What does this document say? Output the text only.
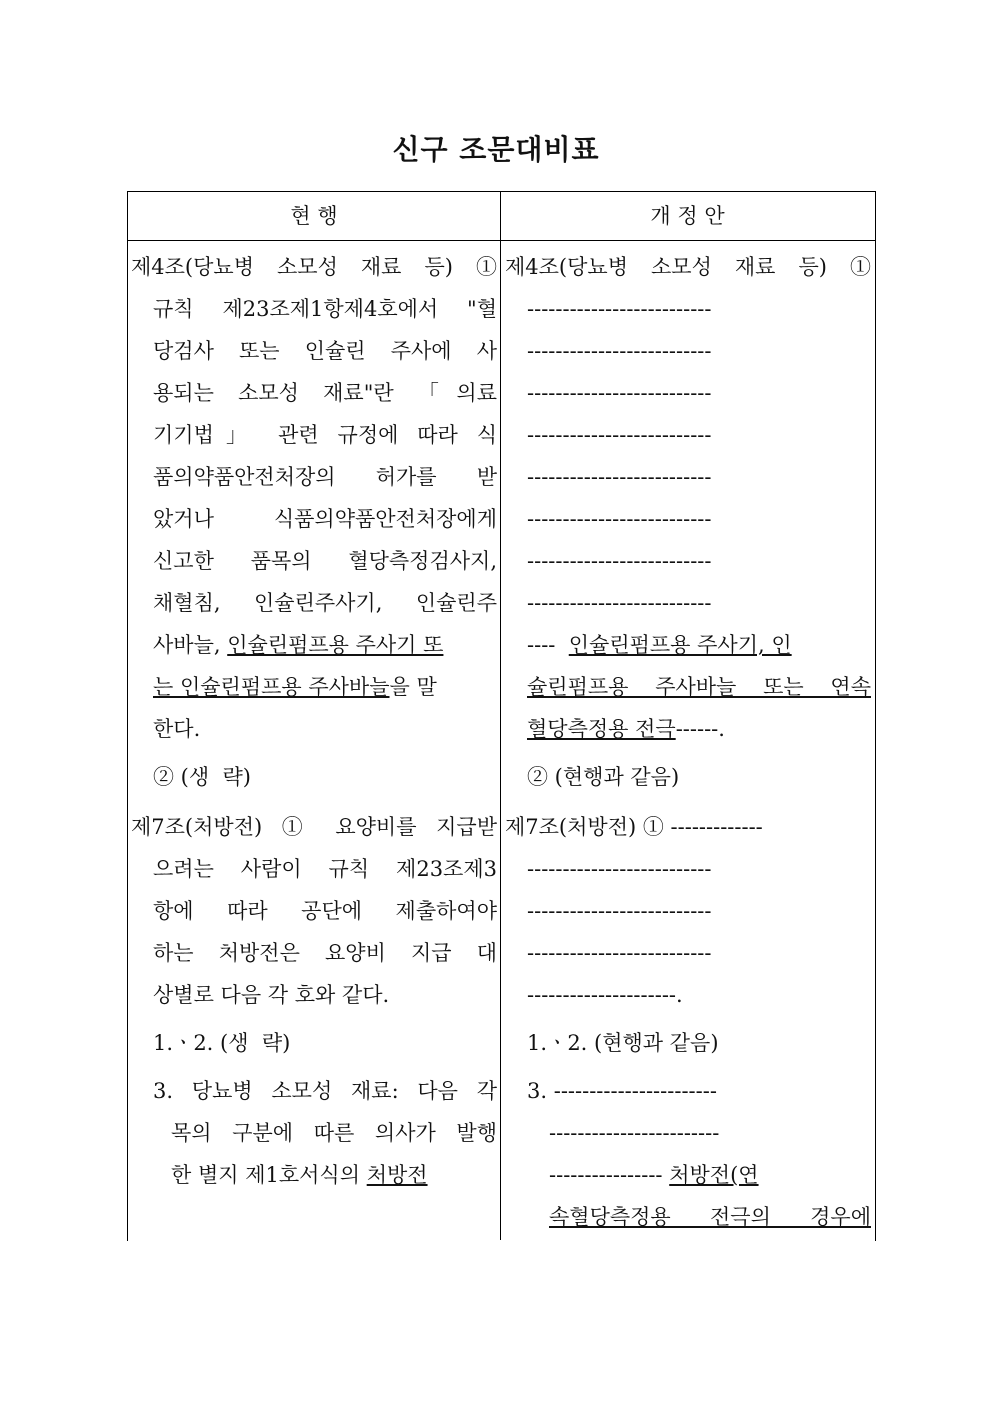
신구 조문대비표
현 행	개 정 안
제4조(당뇨병 소모성 재료 등) ①
규칙 제23조제1항제4호에서 "혈
당검사 또는 인슐린 주사에 사
용되는 소모성 재료"란 「의료
기기법」 관련 규정에 따라 식
품의약품안전처장의 허가를 받
았거나 식품의약품안전처장에게
신고한 품목의 혈당측정검사지,
채혈침, 인슐린주사기, 인슐린주
사바늘, 인슐린펌프용 주사기 또
는 인슐린펌프용 주사바늘을 말
한다.
② (생  략)
제4조(당뇨병 소모성 재료 등) ①
--------------------------
--------------------------
--------------------------
--------------------------
--------------------------
--------------------------
--------------------------
--------------------------
----  인슐린펌프용 주사기, 인
슐린펌프용 주사바늘 또는 연속
혈당측정용 전극------.
② (현행과 같음)
제7조(처방전) ① 요양비를 지급받
으려는 사람이 규칙 제23조제3
항에 따라 공단에 제출하여야
하는 처방전은 요양비 지급 대
상별로 다음 각 호와 같다.
1.ㆍ2. (생  략)
3. 당뇨병 소모성 재료: 다음 각
목의 구분에 따른 의사가 발행
한 별지 제1호서식의 처방전
제7조(처방전) ① -------------
--------------------------
--------------------------
--------------------------
---------------------.
1.ㆍ2. (현행과 같음)
3. -----------------------
------------------------
---------------- 처방전(연
속혈당측정용 전극의 경우에
